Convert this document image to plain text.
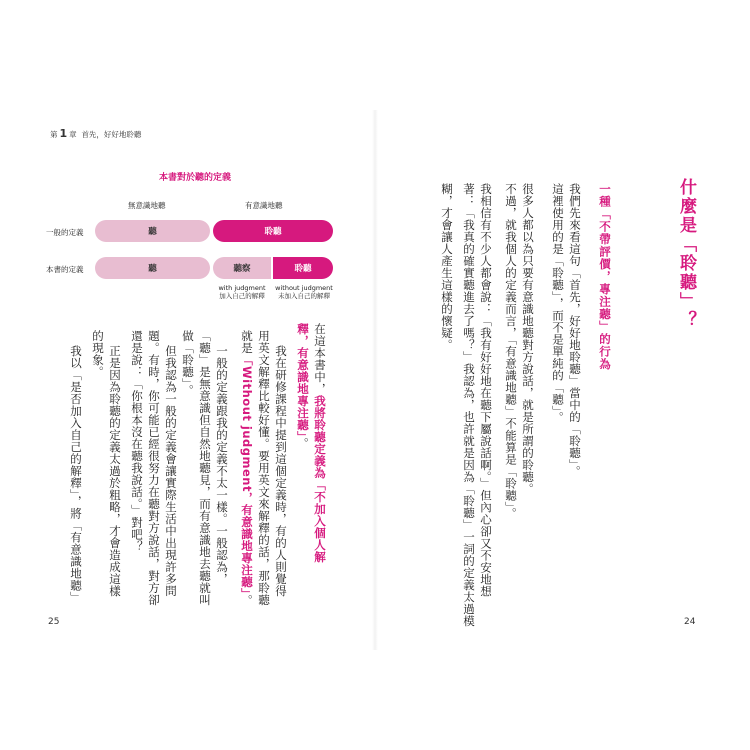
第 1 章 首先，好好地聆聽
本書對於聽的定義
無意識地聽	有意識地聽
一般的定義	聽	聆聽
本書的定義	聽	聽察	聆聽
with judgment
加入自己的解釋
without judgment
未加入自己的解釋
在這本書中，我將聆聽定義為「不加入個人解
釋，有意識地專注聽」。
我在研修課程中提到這個定義時，有的人則覺得
用英文解釋比較好懂。要用英文來解釋的話，那聆聽
就是「Without judgment，有意識地專注聽」。
一般的定義跟我的定義不太一樣。一般認為，
「聽」是無意識但自然地聽見，而有意識地去聽就叫
做「聆聽」。
但我認為一般的定義會讓實際生活中出現許多問
題。有時，你可能已經很努力在聽對方說話，對方卻
還是說：「你根本沒在聽我說話。」對吧？
正是因為聆聽的定義太過於粗略，才會造成這樣
的現象。
我以「是否加入自己的解釋」，將「有意識地聽」
什麼是「聆聽」？
一種「不帶評價，專注聽」的行為
我們先來看這句「首先，好好地聆聽」當中的「聆聽」。
這裡使用的是「聆聽」，而不是單純的「聽」。
很多人都以為只要有意識地聽對方說話，就是所謂的聆聽。
不過，就我個人的定義而言，「有意識地聽」不能算是「聆聽」。
我相信有不少人都會說：「我有好好地在聽下屬說話啊。」但內心卻又不安地想
著：「我真的確實聽進去了嗎？」我認為，也許就是因為「聆聽」一詞的定義太過模
糊，才會讓人產生這樣的懷疑。
25	24
